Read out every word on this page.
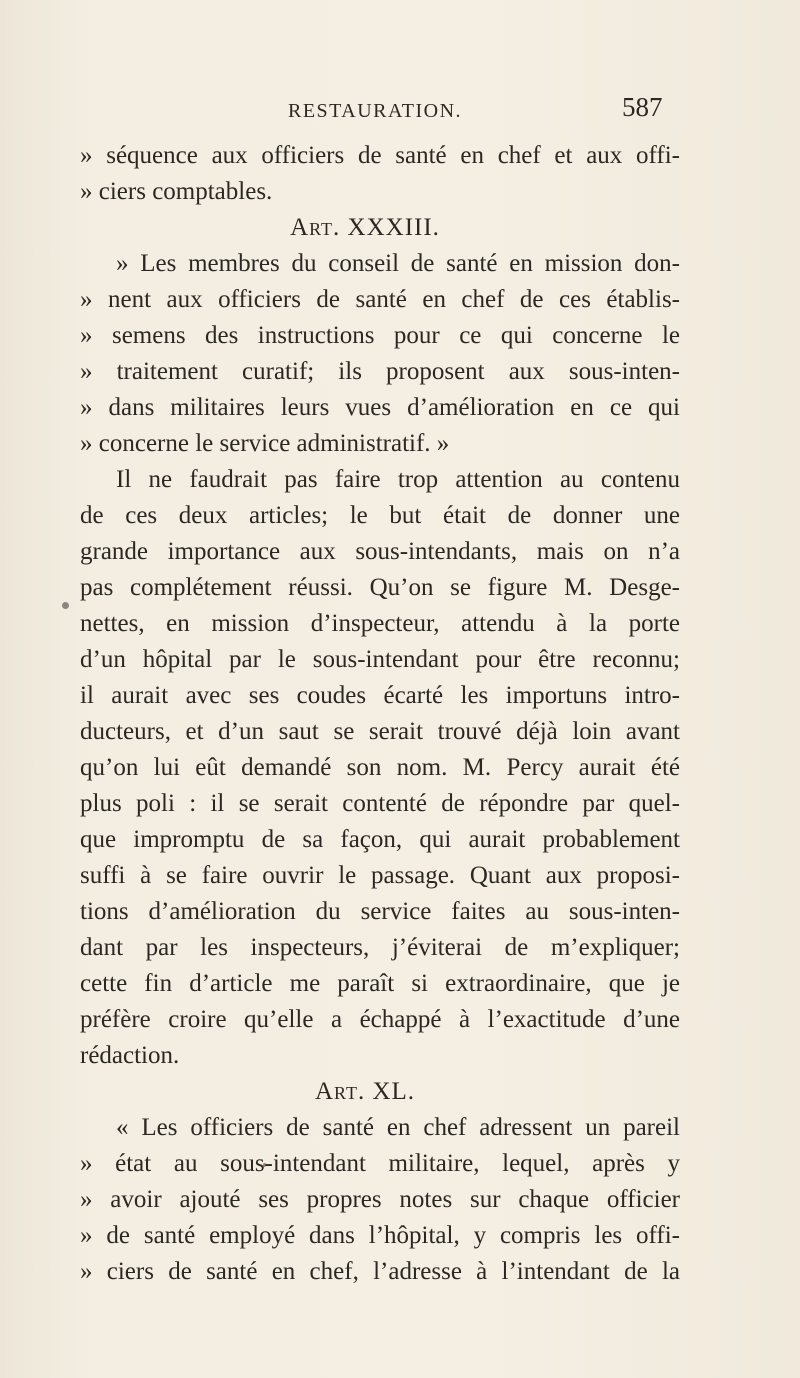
RESTAURATION.	587
» séquence aux officiers de santé en chef et aux offi-
» ciers comptables.
Art. XXXIII.
» Les membres du conseil de santé en mission don-
» nent aux officiers de santé en chef de ces établis-
» semens des instructions pour ce qui concerne le
» traitement curatif; ils proposent aux sous-inten-
» dans militaires leurs vues d’amélioration en ce qui
» concerne le service administratif. »
Il ne faudrait pas faire trop attention au contenu
de ces deux articles; le but était de donner une
grande importance aux sous-intendants, mais on n’a
pas complétement réussi. Qu’on se figure M. Desge-
nettes, en mission d’inspecteur, attendu à la porte
d’un hôpital par le sous-intendant pour être reconnu;
il aurait avec ses coudes écarté les importuns intro-
ducteurs, et d’un saut se serait trouvé déjà loin avant
qu’on lui eût demandé son nom. M. Percy aurait été
plus poli : il se serait contenté de répondre par quel-
que impromptu de sa façon, qui aurait probablement
suffi à se faire ouvrir le passage. Quant aux proposi-
tions d’amélioration du service faites au sous-inten-
dant par les inspecteurs, j’éviterai de m’expliquer;
cette fin d’article me paraît si extraordinaire, que je
préfère croire qu’elle a échappé à l’exactitude d’une
rédaction.
Art. XL.
« Les officiers de santé en chef adressent un pareil
» état au sous-intendant militaire, lequel, après y
» avoir ajouté ses propres notes sur chaque officier
» de santé employé dans l’hôpital, y compris les offi-
» ciers de santé en chef, l’adresse à l’intendant de la
